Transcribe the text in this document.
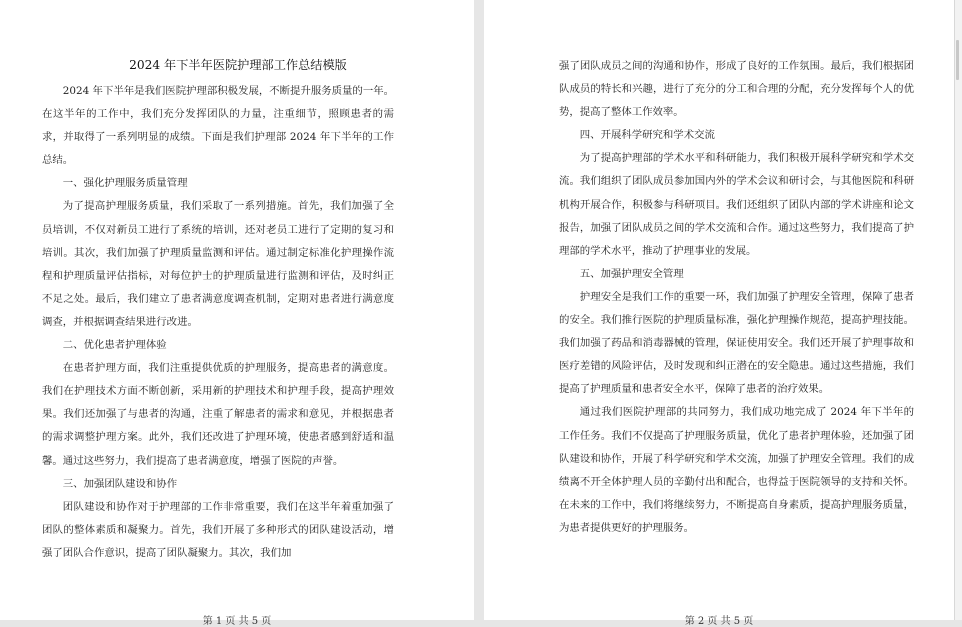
2024 年下半年医院护理部工作总结模版

2024 年下半年是我们医院护理部积极发展，不断提升服务质量的一年。在这半年的工作中，我们充分发挥团队的力量，注重细节，照顾患者的需求，并取得了一系列明显的成绩。下面是我们护理部 2024 年下半年的工作总结。

一、强化护理服务质量管理

为了提高护理服务质量，我们采取了一系列措施。首先，我们加强了全员培训，不仅对新员工进行了系统的培训，还对老员工进行了定期的复习和培训。其次，我们加强了护理质量监测和评估。通过制定标准化护理操作流程和护理质量评估指标，对每位护士的护理质量进行监测和评估，及时纠正不足之处。最后，我们建立了患者满意度调查机制，定期对患者进行满意度调查，并根据调查结果进行改进。

二、优化患者护理体验

在患者护理方面，我们注重提供优质的护理服务，提高患者的满意度。我们在护理技术方面不断创新，采用新的护理技术和护理手段，提高护理效果。我们还加强了与患者的沟通，注重了解患者的需求和意见，并根据患者的需求调整护理方案。此外，我们还改进了护理环境，使患者感到舒适和温馨。通过这些努力，我们提高了患者满意度，增强了医院的声誉。

三、加强团队建设和协作

团队建设和协作对于护理部的工作非常重要，我们在这半年着重加强了团队的整体素质和凝聚力。首先，我们开展了多种形式的团队建设活动，增强了团队合作意识，提高了团队凝聚力。其次，我们加

第 1 页 共 5 页

强了团队成员之间的沟通和协作，形成了良好的工作氛围。最后，我们根据团队成员的特长和兴趣，进行了充分的分工和合理的分配，充分发挥每个人的优势，提高了整体工作效率。

四、开展科学研究和学术交流

为了提高护理部的学术水平和科研能力，我们积极开展科学研究和学术交流。我们组织了团队成员参加国内外的学术会议和研讨会，与其他医院和科研机构开展合作，积极参与科研项目。我们还组织了团队内部的学术讲座和论文报告，加强了团队成员之间的学术交流和合作。通过这些努力，我们提高了护理部的学术水平，推动了护理事业的发展。

五、加强护理安全管理

护理安全是我们工作的重要一环，我们加强了护理安全管理，保障了患者的安全。我们推行医院的护理质量标准，强化护理操作规范，提高护理技能。我们加强了药品和消毒器械的管理，保证使用安全。我们还开展了护理事故和医疗差错的风险评估，及时发现和纠正潜在的安全隐患。通过这些措施，我们提高了护理质量和患者安全水平，保障了患者的治疗效果。

通过我们医院护理部的共同努力，我们成功地完成了 2024 年下半年的工作任务。我们不仅提高了护理服务质量，优化了患者护理体验，还加强了团队建设和协作，开展了科学研究和学术交流，加强了护理安全管理。我们的成绩离不开全体护理人员的辛勤付出和配合，也得益于医院领导的支持和关怀。在未来的工作中，我们将继续努力，不断提高自身素质，提高护理服务质量，为患者提供更好的护理服务。

第 2 页 共 5 页
